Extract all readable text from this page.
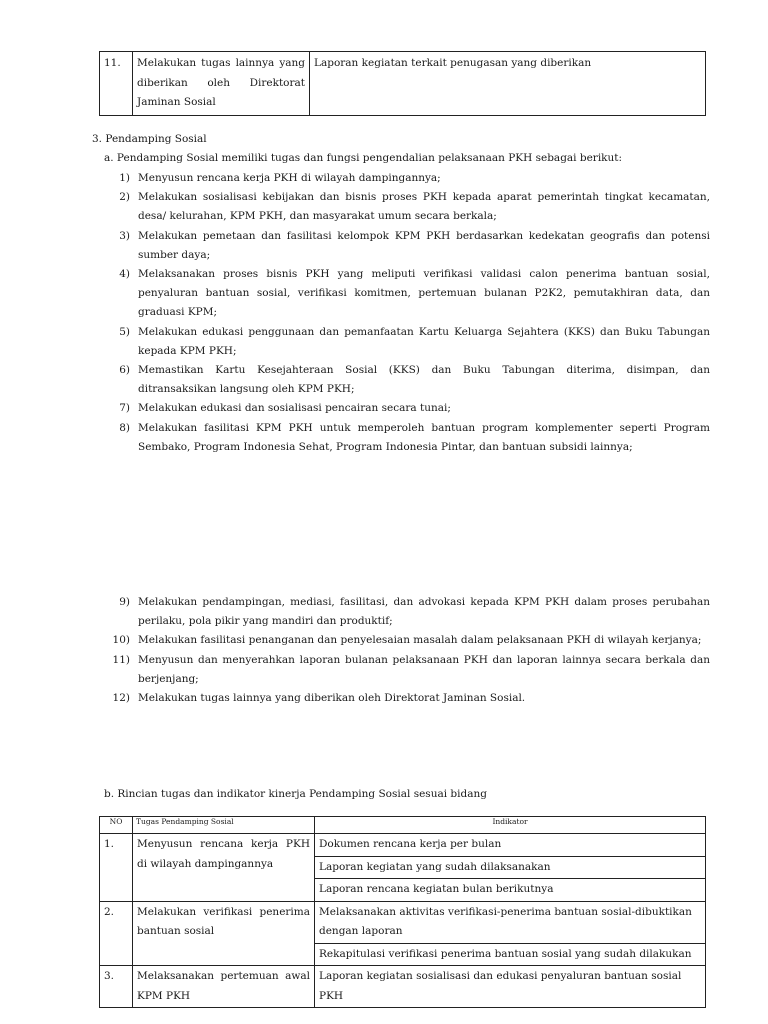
11.	Melakukan tugas lainnya yang diberikan oleh Direktorat Jaminan Sosial	Laporan kegiatan terkait penugasan yang diberikan
3. Pendamping Sosial
a. Pendamping Sosial memiliki tugas dan fungsi pengendalian pelaksanaan PKH sebagai berikut:
1) Menyusun rencana kerja PKH di wilayah dampingannya;
2) Melakukan sosialisasi kebijakan dan bisnis proses PKH kepada aparat pemerintah tingkat kecamatan,
desa/ kelurahan, KPM PKH, dan masyarakat umum secara berkala;
3) Melakukan pemetaan dan fasilitasi kelompok KPM PKH berdasarkan kedekatan geografis dan potensi
sumber daya;
4) Melaksanakan proses bisnis PKH yang meliputi verifikasi validasi calon penerima bantuan sosial,
penyaluran bantuan sosial, verifikasi komitmen, pertemuan bulanan P2K2, pemutakhiran data, dan
graduasi KPM;
5) Melakukan edukasi penggunaan dan pemanfaatan Kartu Keluarga Sejahtera (KKS) dan Buku Tabungan
kepada KPM PKH;
6) Memastikan Kartu Kesejahteraan Sosial (KKS) dan Buku Tabungan diterima, disimpan, dan
ditransaksikan langsung oleh KPM PKH;
7) Melakukan edukasi dan sosialisasi pencairan secara tunai;
8) Melakukan fasilitasi KPM PKH untuk memperoleh bantuan program komplementer seperti Program
Sembako, Program Indonesia Sehat, Program Indonesia Pintar, dan bantuan subsidi lainnya;
9) Melakukan pendampingan, mediasi, fasilitasi, dan advokasi kepada KPM PKH dalam proses perubahan
perilaku, pola pikir yang mandiri dan produktif;
10) Melakukan fasilitasi penanganan dan penyelesaian masalah dalam pelaksanaan PKH di wilayah kerjanya;
11) Menyusun dan menyerahkan laporan bulanan pelaksanaan PKH dan laporan lainnya secara berkala dan
berjenjang;
12) Melakukan tugas lainnya yang diberikan oleh Direktorat Jaminan Sosial.
b. Rincian tugas dan indikator kinerja Pendamping Sosial sesuai bidang
NO	Tugas Pendamping Sosial	Indikator
1.	Menyusun rencana kerja PKH di wilayah dampingannya	Dokumen rencana kerja per bulan
		Laporan kegiatan yang sudah dilaksanakan
		Laporan rencana kegiatan bulan berikutnya
2.	Melakukan verifikasi penerima bantuan sosial	Melaksanakan aktivitas verifikasi-penerima bantuan sosial-dibuktikan dengan laporan
		Rekapitulasi verifikasi penerima bantuan sosial yang sudah dilakukan
3.	Melaksanakan pertemuan awal KPM PKH	Laporan kegiatan sosialisasi dan edukasi penyaluran bantuan sosial PKH
